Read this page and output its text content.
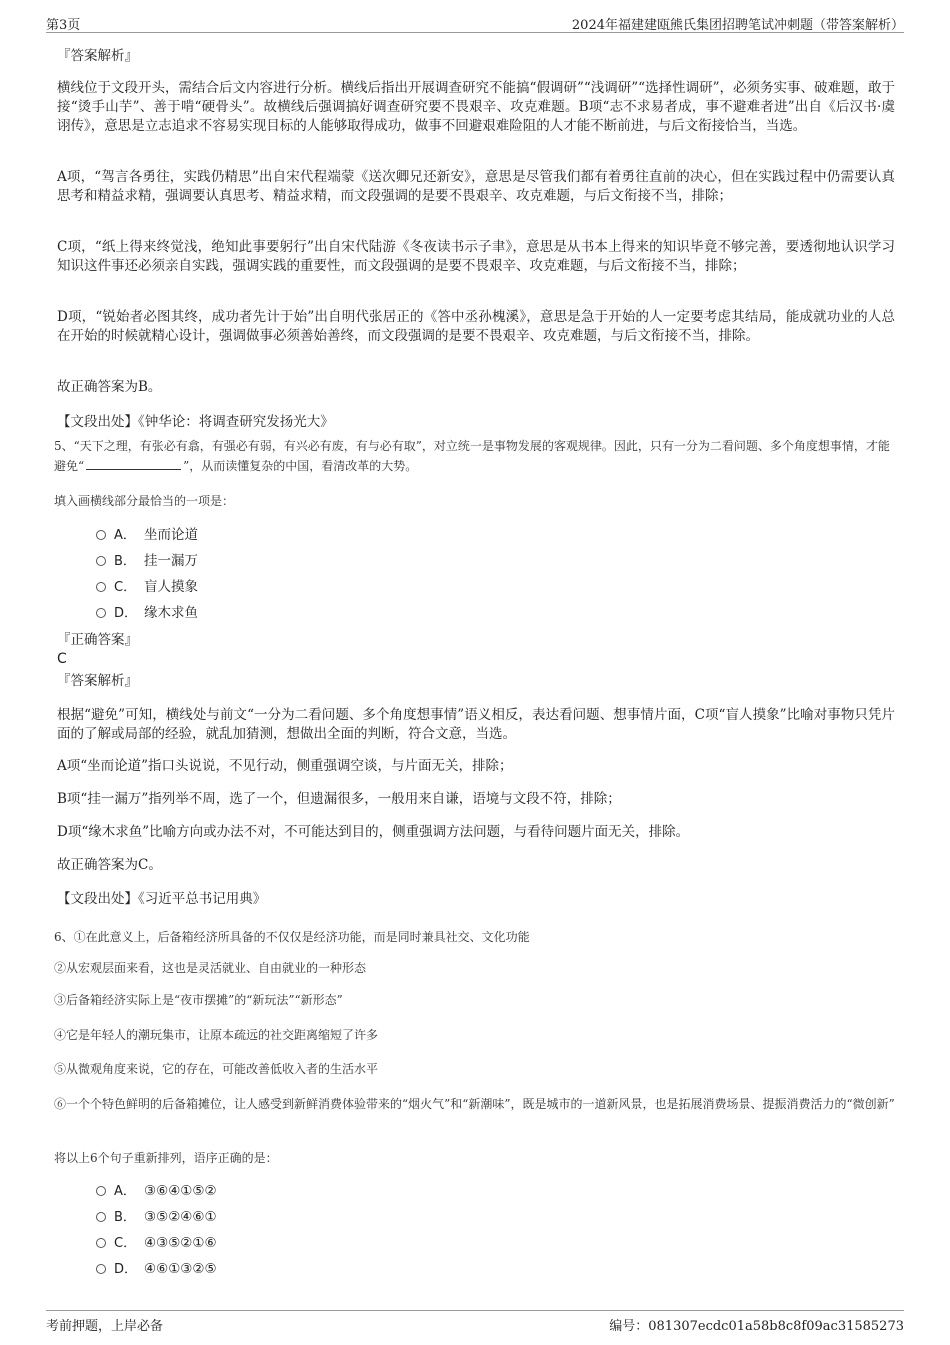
第3页	2024年福建建瓯熊氏集团招聘笔试冲刺题（带答案解析）
『答案解析』

横线位于文段开头，需结合后文内容进行分析。横线后指出开展调查研究不能搞“假调研”“浅调研”“选择性调研”，必须务实事、破难题，敢于接“烫手山芋”、善于啃“硬骨头”。故横线后强调搞好调查研究要不畏艰辛、攻克难题。B项“志不求易者成，事不避难者进”出自《后汉书·虞诩传》，意思是立志追求不容易实现目标的人能够取得成功，做事不回避艰难险阻的人才能不断前进，与后文衔接恰当，当选。

A项，“驾言各勇往，实践仍精思”出自宋代程端蒙《送次卿兄还新安》，意思是尽管我们都有着勇往直前的决心，但在实践过程中仍需要认真思考和精益求精，强调要认真思考、精益求精，而文段强调的是要不畏艰辛、攻克难题，与后文衔接不当，排除；

C项，“纸上得来终觉浅，绝知此事要躬行”出自宋代陆游《冬夜读书示子聿》，意思是从书本上得来的知识毕竟不够完善，要透彻地认识学习知识这件事还必须亲自实践，强调实践的重要性，而文段强调的是要不畏艰辛、攻克难题，与后文衔接不当，排除；

D项，“锐始者必图其终，成功者先计于始”出自明代张居正的《答中丞孙槐溪》，意思是急于开始的人一定要考虑其结局，能成就功业的人总在开始的时候就精心设计，强调做事必须善始善终，而文段强调的是要不畏艰辛、攻克难题，与后文衔接不当，排除。

故正确答案为B。

【文段出处】《钟华论：将调查研究发扬光大》
5、“天下之理，有张必有翕，有强必有弱，有兴必有废，有与必有取”，对立统一是事物发展的客观规律。因此，只有一分为二看问题、多个角度想事情，才能避免“	”，从而读懂复杂的中国，看清改革的大势。
填入画横线部分最恰当的一项是：
A． 坐而论道
B． 挂一漏万
C． 盲人摸象
D． 缘木求鱼
『正确答案』
C
『答案解析』

根据“避免”可知，横线处与前文“一分为二看问题、多个角度想事情”语义相反，表达看问题、想事情片面，C项“盲人摸象”比喻对事物只凭片面的了解或局部的经验，就乱加猜测，想做出全面的判断，符合文意，当选。

A项“坐而论道”指口头说说，不见行动，侧重强调空谈，与片面无关，排除；

B项“挂一漏万”指列举不周，选了一个，但遗漏很多，一般用来自谦，语境与文段不符，排除；

D项“缘木求鱼”比喻方向或办法不对，不可能达到目的，侧重强调方法问题，与看待问题片面无关，排除。

故正确答案为C。

【文段出处】《习近平总书记用典》
6、①在此意义上，后备箱经济所具备的不仅仅是经济功能，而是同时兼具社交、文化功能
②从宏观层面来看，这也是灵活就业、自由就业的一种形态
③后备箱经济实际上是“夜市摆摊”的“新玩法”“新形态”
④它是年轻人的潮玩集市，让原本疏远的社交距离缩短了许多
⑤从微观角度来说，它的存在，可能改善低收入者的生活水平
⑥一个个特色鲜明的后备箱摊位，让人感受到新鲜消费体验带来的“烟火气”和“新潮味”，既是城市的一道新风景，也是拓展消费场景、提振消费活力的“微创新”
将以上6个句子重新排列，语序正确的是：
A． ③⑥④①⑤②
B． ③⑤②④⑥①
C． ④③⑤②①⑥
D． ④⑥①③②⑤
考前押题，上岸必备	编号：081307ecdc01a58b8c8f09ac31585273
